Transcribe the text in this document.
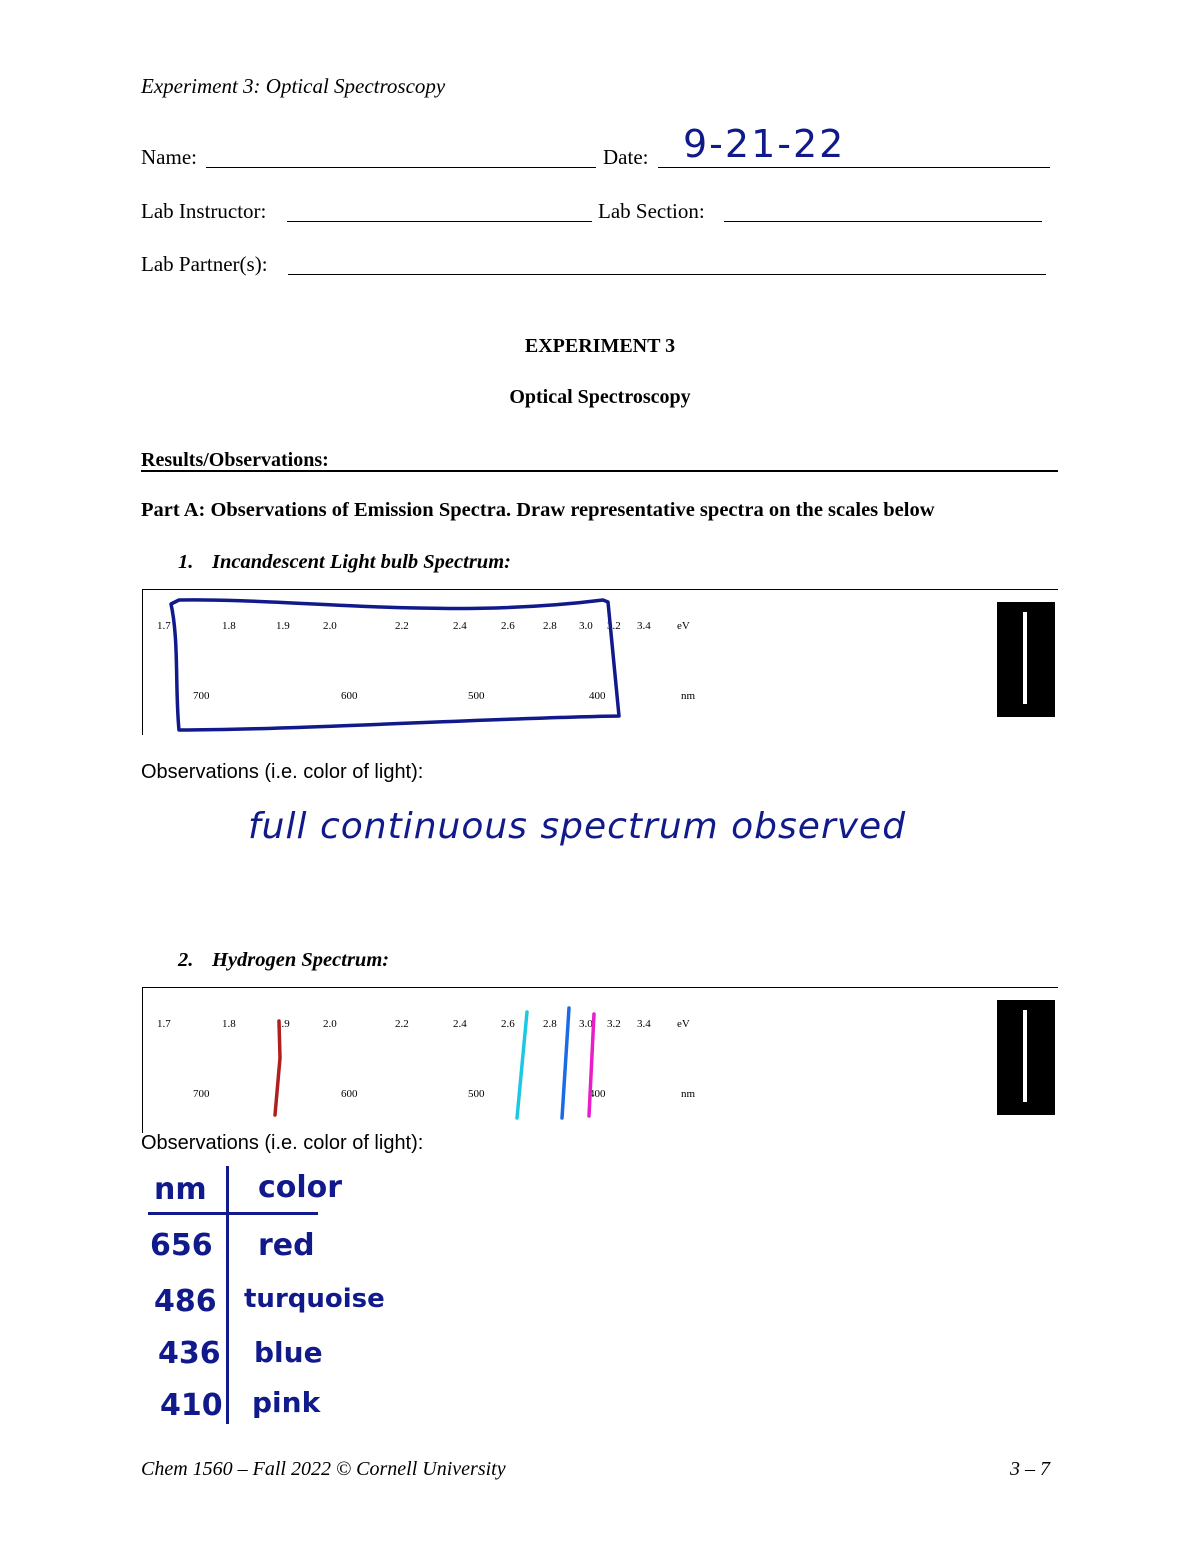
Experiment 3: Optical Spectroscopy
Name:	Date: 9-21-22
Lab Instructor:	Lab Section:
Lab Partner(s):
EXPERIMENT 3
Optical Spectroscopy
Results/Observations:
Part A: Observations of Emission Spectra. Draw representative spectra on the scales below
1. Incandescent Light bulb Spectrum:
1.7	1.8	1.9	2.0	2.2	2.4	2.6	2.8 3.0 3.2 3.4 eV
700	600	500	400	nm
Observations (i.e. color of light):
full continuous spectrum observed
2. Hydrogen Spectrum:
1.7	1.8	1.9	2.0	2.2	2.4	2.6	2.8 3.0 3.2 3.4 eV
700	600	500	400	nm
Observations (i.e. color of light):
nm color
656 red
486 turquoise
436 blue
410 pink
Chem 1560 – Fall 2022 © Cornell University	3 – 7
